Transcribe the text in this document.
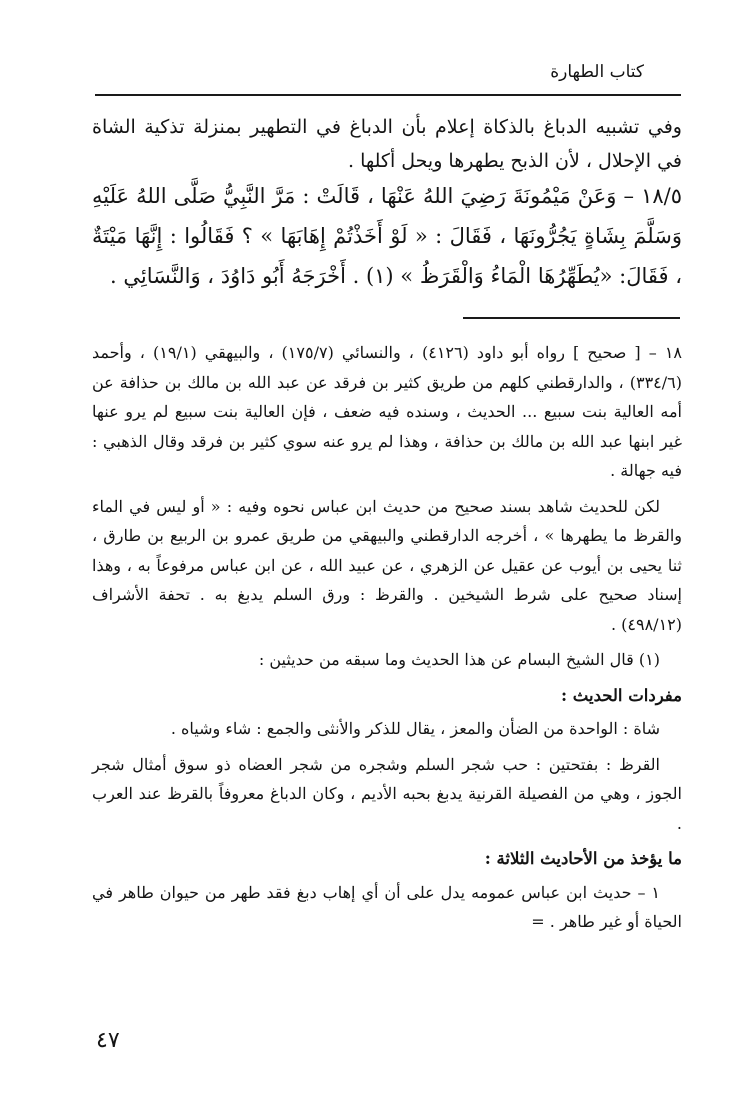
كتاب الطهارة

وفي تشبيه الدباغ بالذكاة إعلام بأن الدباغ في التطهير بمنزلة تذكية الشاة في الإحلال ، لأن الذبح يطهرها ويحل أكلها .

١٨/٥ – وَعَنْ مَيْمُونَةَ رَضِيَ اللهُ عَنْهَا ، قَالَتْ : مَرَّ النَّبِيُّ صَلَّى اللهُ عَلَيْهِ وَسَلَّمَ بِشَاةٍ يَجُرُّونَهَا ، فَقَالَ : « لَوْ أَخَذْتُمْ إِهَابَهَا » ؟ فَقَالُوا : إِنَّهَا مَيْتَةٌ ، فَقَالَ: «يُطَهِّرُهَا الْمَاءُ وَالْقَرَظُ » (١) . أَخْرَجَهُ أَبُو دَاوُدَ ، وَالنَّسَائِي .

١٨ – [ صحيح ] رواه أبو داود (٤١٢٦) ، والنسائي (١٧٥/٧) ، والبيهقي (١٩/١) ، وأحمد (٣٣٤/٦) ، والدارقطني كلهم من طريق كثير بن فرقد عن عبد الله بن مالك بن حذافة عن أمه العالية بنت سبيع ... الحديث ، وسنده فيه ضعف ، فإن العالية بنت سبيع لم يرو عنها غير ابنها عبد الله بن مالك بن حذافة ، وهذا لم يرو عنه سوي كثير بن فرقد وقال الذهبي : فيه جهالة .

لكن للحديث شاهد بسند صحيح من حديث ابن عباس نحوه وفيه : « أو ليس في الماء والقرظ ما يطهرها » ، أخرجه الدارقطني والبيهقي من طريق عمرو بن الربيع بن طارق ، ثنا يحيى بن أيوب عن عقيل عن الزهري ، عن عبيد الله ، عن ابن عباس مرفوعاً به ، وهذا إسناد صحيح على شرط الشيخين . والقرظ : ورق السلم يدبغ به . تحفة الأشراف (٤٩٨/١٢) .

(١) قال الشيخ البسام عن هذا الحديث وما سبقه من حديثين :

مفردات الحديث :

شاة : الواحدة من الضأن والمعز ، يقال للذكر والأنثى والجمع : شاء وشياه .

القرظ : بفتحتين : حب شجر السلم وشجره من شجر العضاه ذو سوق أمثال شجر الجوز ، وهي من الفصيلة القرنية يدبغ بحبه الأديم ، وكان الدباغ معروفاً بالقرظ عند العرب .

ما يؤخذ من الأحاديث الثلاثة :

١ – حديث ابن عباس عمومه يدل على أن أي إهاب دبغ فقد طهر من حيوان طاهر في الحياة أو غير طاهر . =

٤٧
